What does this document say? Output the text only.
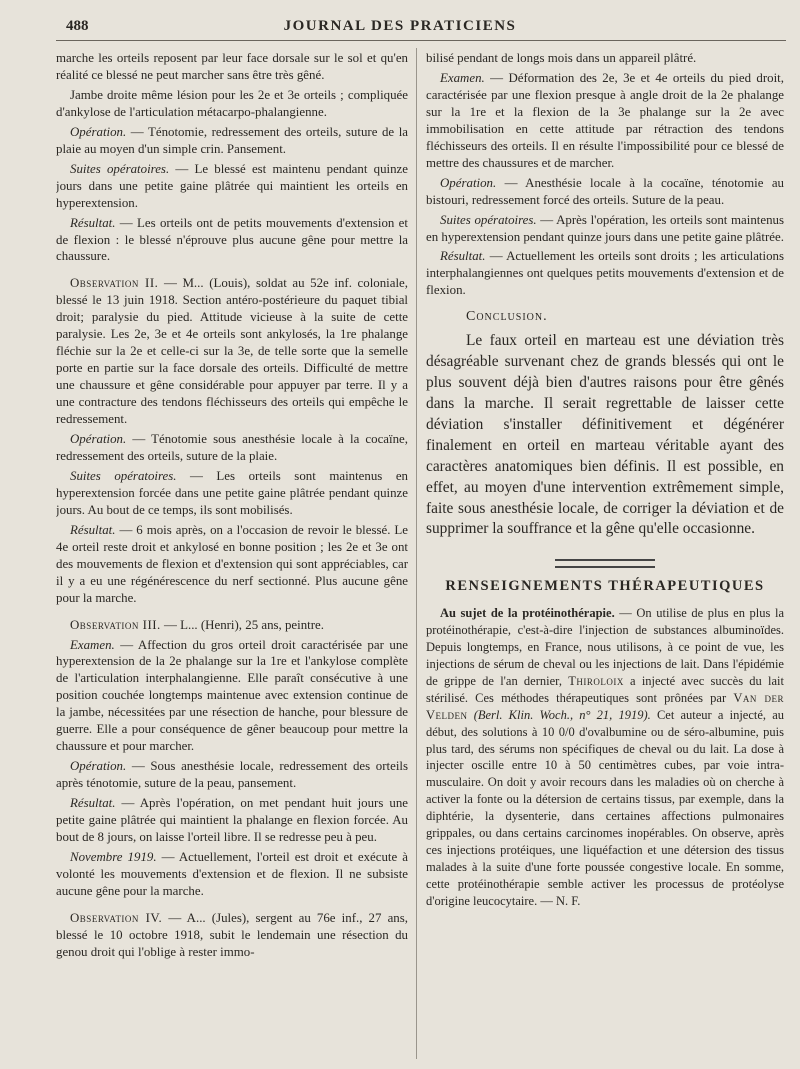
488	JOURNAL DES PRATICIENS

marche les orteils reposent par leur face dorsale sur le sol et qu'en réalité ce blessé ne peut marcher sans être très gêné.

Jambe droite même lésion pour les 2e et 3e orteils ; compliquée d'ankylose de l'articulation métacarpo-phalangienne.

Opération. — Ténotomie, redressement des orteils, suture de la plaie au moyen d'un simple crin. Pansement.

Suites opératoires. — Le blessé est maintenu pendant quinze jours dans une petite gaine plâtrée qui maintient les orteils en hyperextension.

Résultat. — Les orteils ont de petits mouvements d'extension et de flexion : le blessé n'éprouve plus aucune gêne pour mettre la chaussure.

Observation II. — M... (Louis), soldat au 52e inf. coloniale, blessé le 13 juin 1918. Section antéro-postérieure du paquet tibial droit; paralysie du pied. Attitude vicieuse à la suite de cette paralysie. Les 2e, 3e et 4e orteils sont ankylosés, la 1re phalange fléchie sur la 2e et celle-ci sur la 3e, de telle sorte que la semelle porte en partie sur la face dorsale des orteils. Difficulté de mettre une chaussure et gêne considérable pour appuyer par terre. Il y a une contracture des tendons fléchisseurs des orteils qui empêche le redressement.

Opération. — Ténotomie sous anesthésie locale à la cocaïne, redressement des orteils, suture de la plaie.

Suites opératoires. — Les orteils sont maintenus en hyperextension forcée dans une petite gaine plâtrée pendant quinze jours. Au bout de ce temps, ils sont mobilisés.

Résultat. — 6 mois après, on a l'occasion de revoir le blessé. Le 4e orteil reste droit et ankylosé en bonne position ; les 2e et 3e ont des mouvements de flexion et d'extension qui sont appréciables, car il y a eu une régénérescence du nerf sectionné. Plus aucune gêne pour la marche.

Observation III. — L... (Henri), 25 ans, peintre.

Examen. — Affection du gros orteil droit caractérisée par une hyperextension de la 2e phalange sur la 1re et l'ankylose complète de l'articulation interphalangienne. Elle paraît consécutive à une position couchée longtemps maintenue avec extension continue de la jambe, nécessitées par une résection de hanche, pour blessure de guerre. Elle a pour conséquence de gêner beaucoup pour mettre la chaussure et pour marcher.

Opération. — Sous anesthésie locale, redressement des orteils après ténotomie, suture de la peau, pansement.

Résultat. — Après l'opération, on met pendant huit jours une petite gaine plâtrée qui maintient la phalange en flexion forcée. Au bout de 8 jours, on laisse l'orteil libre. Il se redresse peu à peu.

Novembre 1919. — Actuellement, l'orteil est droit et exécute à volonté les mouvements d'extension et de flexion. Il ne subsiste aucune gêne pour la marche.

Observation IV. — A... (Jules), sergent au 76e inf., 27 ans, blessé le 10 octobre 1918, subit le lendemain une résection du genou droit qui l'oblige à rester immo-

bilisé pendant de longs mois dans un appareil plâtré.

Examen. — Déformation des 2e, 3e et 4e orteils du pied droit, caractérisée par une flexion presque à angle droit de la 2e phalange sur la 1re et la flexion de la 3e phalange sur la 2e avec immobilisation en cette attitude par rétraction des tendons fléchisseurs des orteils. Il en résulte l'impossibilité pour ce blessé de mettre des chaussures et de marcher.

Opération. — Anesthésie locale à la cocaïne, ténotomie au bistouri, redressement forcé des orteils. Suture de la peau.

Suites opératoires. — Après l'opération, les orteils sont maintenus en hyperextension pendant quinze jours dans une petite gaine plâtrée.

Résultat. — Actuellement les orteils sont droits ; les articulations interphalangiennes ont quelques petits mouvements d'extension et de flexion.

Conclusion.

Le faux orteil en marteau est une déviation très désagréable survenant chez de grands blessés qui ont le plus souvent déjà bien d'autres raisons pour être gênés dans la marche. Il serait regrettable de laisser cette déviation s'installer définitivement et dégénérer finalement en orteil en marteau véritable ayant des caractères anatomiques bien définis. Il est possible, en effet, au moyen d'une intervention extrêmement simple, faite sous anesthésie locale, de corriger la déviation et de supprimer la souffrance et la gêne qu'elle occasionne.

RENSEIGNEMENTS THÉRAPEUTIQUES

Au sujet de la protéinothérapie. — On utilise de plus en plus la protéinothérapie, c'est-à-dire l'injection de substances albuminoïdes. Depuis longtemps, en France, nous utilisons, à ce point de vue, les injections de sérum de cheval ou les injections de lait. Dans l'épidémie de grippe de l'an dernier, Thiroloix a injecté avec succès du lait stérilisé. Ces méthodes thérapeutiques sont prônées par Van der Velden (Berl. Klin. Woch., n° 21, 1919). Cet auteur a injecté, au début, des solutions à 10 0/0 d'ovalbumine ou de séro-albumine, puis plus tard, des sérums non spécifiques de cheval ou du lait. La dose à injecter oscille entre 10 à 50 centimètres cubes, par voie intra-musculaire. On doit y avoir recours dans les maladies où on cherche à activer la fonte ou la détersion de certains tissus, par exemple, dans la diphtérie, la dysenterie, dans certaines affections pulmonaires grippales, ou dans certains carcinomes inopérables. On observe, après ces injections protéiques, une liquéfaction et une détersion des tissus malades à la suite d'une forte poussée congestive locale. En somme, cette protéinothérapie semble activer les processus de protéolyse d'origine leucocytaire. — N. F.
